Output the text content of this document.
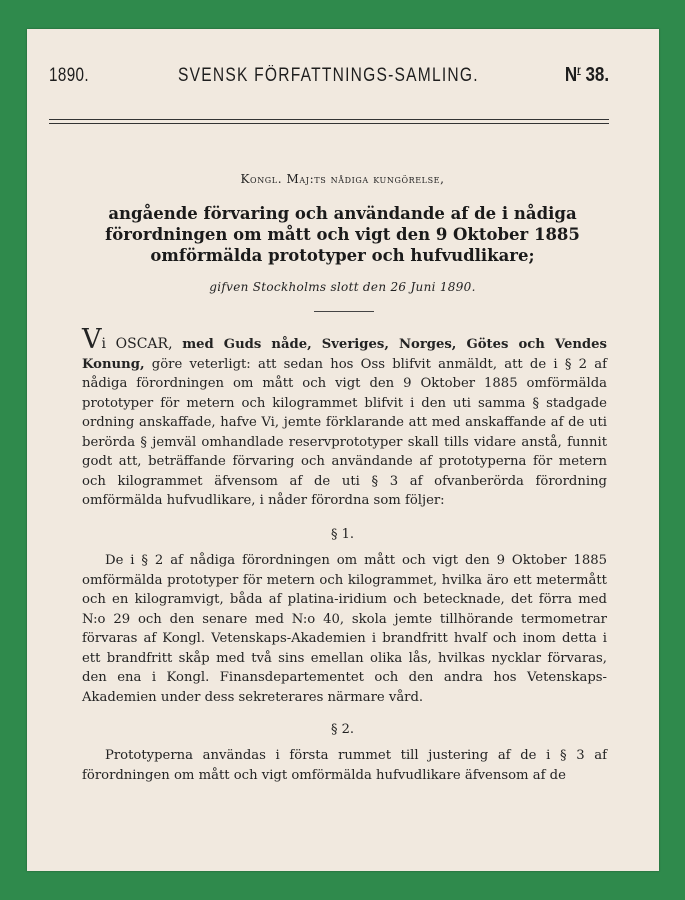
1890.	SVENSK FÖRFATTNINGS-SAMLING.	$N^r$ 38.
Kongl. Maj:ts nådiga kungörelse,
angående förvaring och användande af de i nådiga förordningen om mått och vigt den 9 Oktober 1885 omförmälda prototyper och hufvudlikare;
gifven Stockholms slott den 26 Juni 1890.
Vi OSCAR, med Guds nåde, Sveriges, Norges, Götes och Vendes Konung, göre veterligt: att sedan hos Oss blifvit anmäldt, att de i § 2 af nådiga förordningen om mått och vigt den 9 Oktober 1885 omförmälda prototyper för metern och kilogrammet blifvit i den uti samma § stadgade ordning anskaffade, hafve Vi, jemte förklarande att med anskaffande af de uti berörda § jemväl omhandlade reservprototyper skall tills vidare anstå, funnit godt att, beträffande förvaring och användande af prototyperna för metern och kilogrammet äfvensom af de uti § 3 af ofvanberörda förordning omförmälda hufvudlikare, i nåder förordna som följer:
§ 1.

De i § 2 af nådiga förordningen om mått och vigt den 9 Oktober 1885 omförmälda prototyper för metern och kilogrammet, hvilka äro ett metermått och en kilogramvigt, båda af platina-iridium och betecknade, det förra med N:o 29 och den senare med N:o 40, skola jemte tillhörande termometrar förvaras af Kongl. Vetenskaps-Akademien i brandfritt hvalf och inom detta i ett brandfritt skåp med två sins emellan olika lås, hvilkas nycklar förvaras, den ena i Kongl. Finansdepartementet och den andra hos Vetenskaps-Akademien under dess sekreterares närmare vård.

§ 2.

Prototyperna användas i första rummet till justering af de i § 3 af förordningen om mått och vigt omförmälda hufvudlikare äfvensom af de
